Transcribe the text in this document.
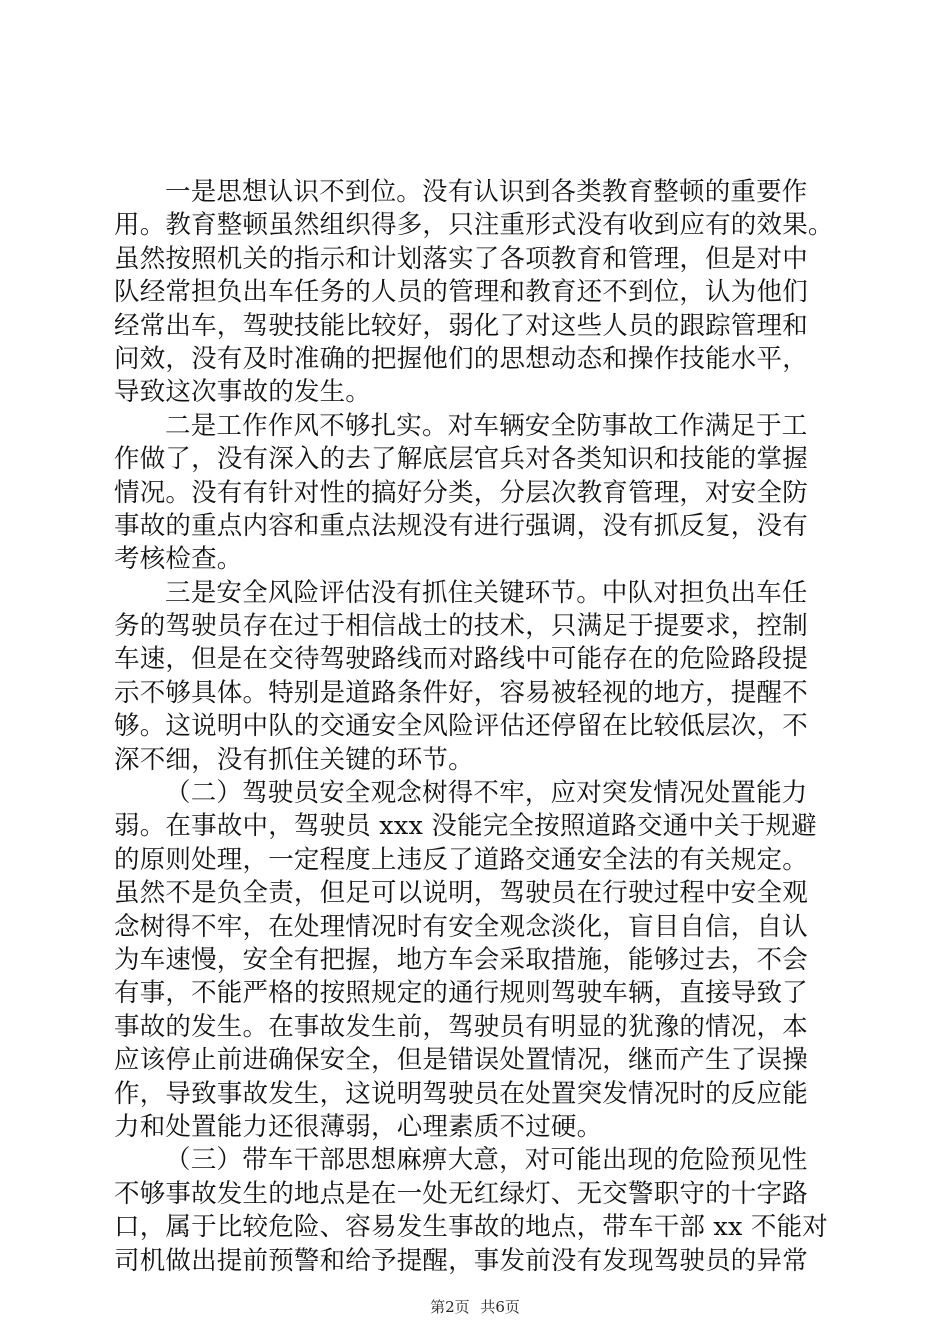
一是思想认识不到位。没有认识到各类教育整顿的重要作
用。教育整顿虽然组织得多，只注重形式没有收到应有的效果。
虽然按照机关的指示和计划落实了各项教育和管理，但是对中
队经常担负出车任务的人员的管理和教育还不到位，认为他们
经常出车，驾驶技能比较好，弱化了对这些人员的跟踪管理和
问效，没有及时准确的把握他们的思想动态和操作技能水平，
导致这次事故的发生。
二是工作作风不够扎实。对车辆安全防事故工作满足于工
作做了，没有深入的去了解底层官兵对各类知识和技能的掌握
情况。没有有针对性的搞好分类，分层次教育管理，对安全防
事故的重点内容和重点法规没有进行强调，没有抓反复，没有
考核检查。
三是安全风险评估没有抓住关键环节。中队对担负出车任
务的驾驶员存在过于相信战士的技术，只满足于提要求，控制
车速，但是在交待驾驶路线而对路线中可能存在的危险路段提
示不够具体。特别是道路条件好，容易被轻视的地方，提醒不
够。这说明中队的交通安全风险评估还停留在比较低层次，不
深不细，没有抓住关键的环节。
（二）驾驶员安全观念树得不牢，应对突发情况处置能力
弱。在事故中，驾驶员 xxx 没能完全按照道路交通中关于规避
的原则处理，一定程度上违反了道路交通安全法的有关规定。
虽然不是负全责，但足可以说明，驾驶员在行驶过程中安全观
念树得不牢，在处理情况时有安全观念淡化，盲目自信，自认
为车速慢，安全有把握，地方车会采取措施，能够过去，不会
有事，不能严格的按照规定的通行规则驾驶车辆，直接导致了
事故的发生。在事故发生前，驾驶员有明显的犹豫的情况，本
应该停止前进确保安全，但是错误处置情况，继而产生了误操
作，导致事故发生，这说明驾驶员在处置突发情况时的反应能
力和处置能力还很薄弱，心理素质不过硬。
（三）带车干部思想麻痹大意，对可能出现的危险预见性
不够事故发生的地点是在一处无红绿灯、无交警职守的十字路
口，属于比较危险、容易发生事故的地点，带车干部 xx 不能对
司机做出提前预警和给予提醒，事发前没有发现驾驶员的异常
第2页 共6页
